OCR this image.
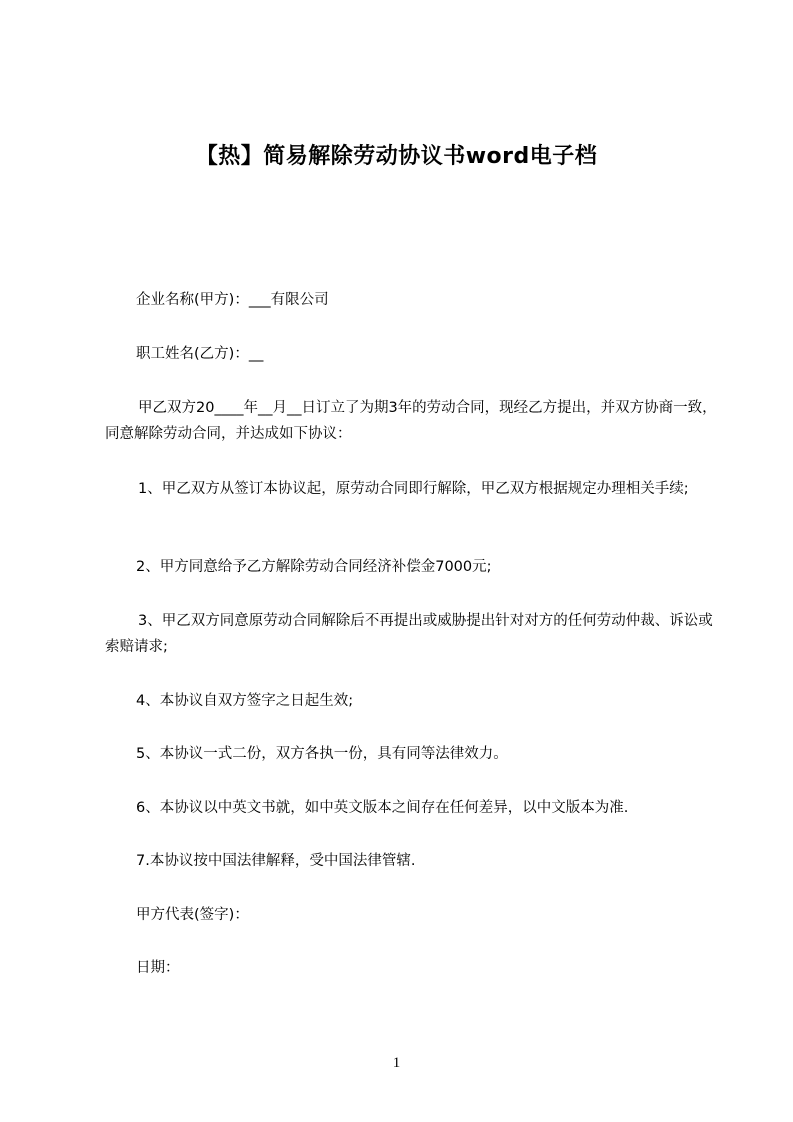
【热】简易解除劳动协议书word电子档

企业名称(甲方)：___有限公司

职工姓名(乙方)：__

甲乙双方20____年__月__日订立了为期3年的劳动合同，现经乙方提出，并双方协商一致，同意解除劳动合同，并达成如下协议：

1、甲乙双方从签订本协议起，原劳动合同即行解除，甲乙双方根据规定办理相关手续;

2、甲方同意给予乙方解除劳动合同经济补偿金7000元;

3、甲乙双方同意原劳动合同解除后不再提出或威胁提出针对对方的任何劳动仲裁、诉讼或索赔请求;

4、本协议自双方签字之日起生效;

5、本协议一式二份，双方各执一份，具有同等法律效力。

6、本协议以中英文书就，如中英文版本之间存在任何差异，以中文版本为准.

7.本协议按中国法律解释，受中国法律管辖.

甲方代表(签字)：

日期：

1
